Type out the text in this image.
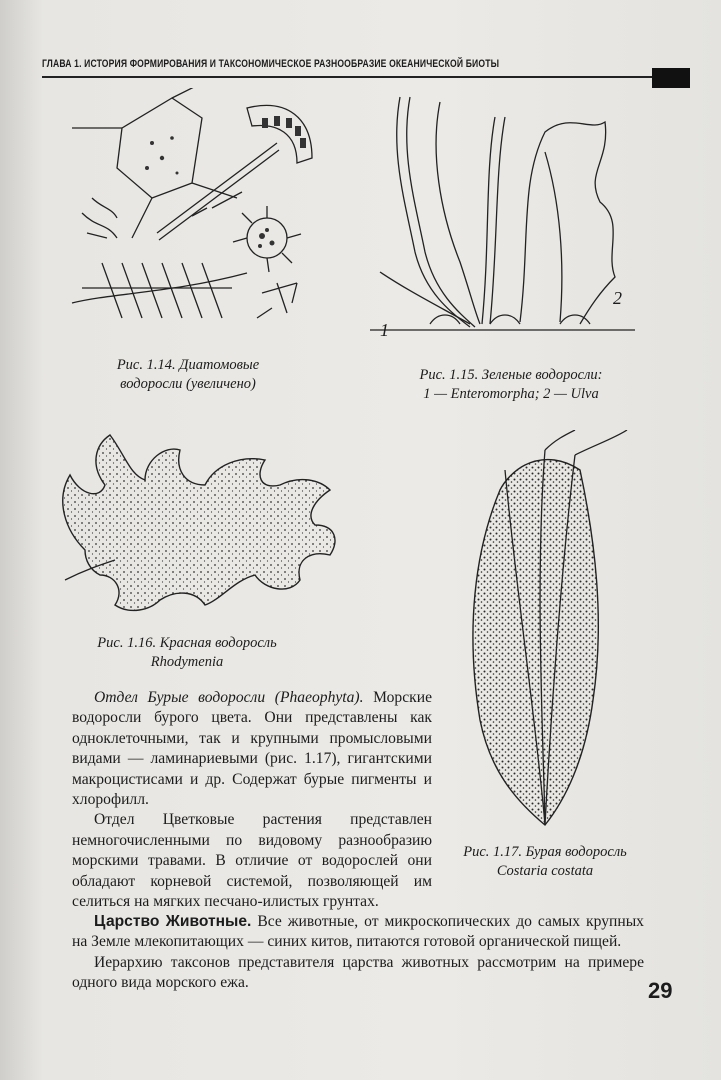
ГЛАВА 1. ИСТОРИЯ ФОРМИРОВАНИЯ И ТАКСОНОМИЧЕСКОЕ РАЗНООБРАЗИЕ ОКЕАНИЧЕСКОЙ БИОТЫ
Рис. 1.14. Диатомовые
водоросли (увеличено)
1
2
Рис. 1.15. Зеленые водоросли:
1 — Enteromorpha; 2 — Ulva
Рис. 1.16. Красная водоросль
Rhodymenia
Рис. 1.17. Бурая водоросль
Costaria costata

Отдел Бурые водоросли (Phaeophyta). Морские водоросли бурого цвета. Они представлены как одноклеточными, так и крупными промысловыми видами — ламинариевыми (рис. 1.17), гигантскими макроцистисами и др. Содержат бурые пигменты и хлорофилл.

Отдел Цветковые растения представлен немногочисленными по видовому разнообразию морскими травами. В отличие от водорослей они обладают корневой системой, позволяющей им селиться на мягких песчано-илистых грунтах.

Царство Животные. Все животные, от микроскопических до самых крупных на Земле млекопитающих — синих китов, питаются готовой органической пищей.

Иерархию таксонов представителя царства животных рассмотрим на примере одного вида морского ежа.	29
